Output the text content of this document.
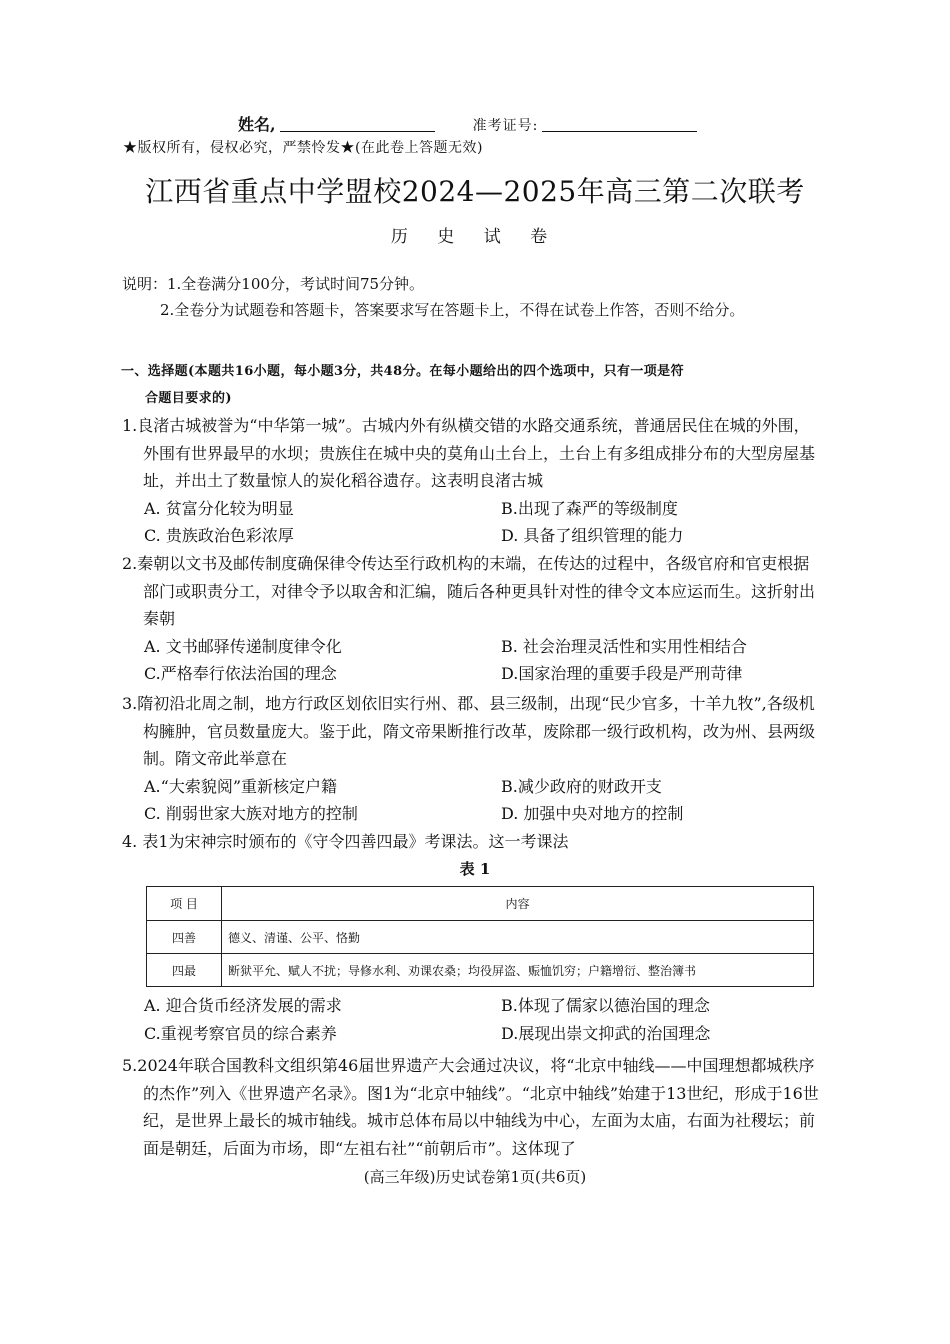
姓名,	准考证号:
★版权所有，侵权必究，严禁怜发★(在此卷上答题无效)
江西省重点中学盟校2024—2025年高三第二次联考
历 史 试 卷
说明：1.全卷满分100分，考试时间75分钟。
2.全卷分为试题卷和答题卡，答案要求写在答题卡上，不得在试卷上作答，否则不给分。
一、选择题(本题共16小题，每小题3分，共48分。在每小题给出的四个选项中，只有一项是符
合题目要求的)
1.良渚古城被誉为“中华第一城”。古城内外有纵横交错的水路交通系统，普通居民住在城的外围，外围有世界最早的水坝；贵族住在城中央的莫角山土台上，土台上有多组成排分布的大型房屋基址，并出土了数量惊人的炭化稻谷遗存。这表明良渚古城
A. 贫富分化较为明显	B.出现了森严的等级制度
C. 贵族政治色彩浓厚	D. 具备了组织管理的能力
2.秦朝以文书及邮传制度确保律令传达至行政机构的末端，在传达的过程中，各级官府和官吏根据部门或职责分工，对律令予以取舍和汇编，随后各种更具针对性的律令文本应运而生。这折射出秦朝
A. 文书邮驿传递制度律令化	B. 社会治理灵活性和实用性相结合
C.严格奉行依法治国的理念	D.国家治理的重要手段是严刑苛律
3.隋初沿北周之制，地方行政区划依旧实行州、郡、县三级制，出现“民少官多，十羊九牧”,各级机构臃肿，官员数量庞大。鉴于此，隋文帝果断推行改革，废除郡一级行政机构，改为州、县两级制。隋文帝此举意在
A.“大索貌阅”重新核定户籍	B.减少政府的财政开支
C. 削弱世家大族对地方的控制	D. 加强中央对地方的控制
4. 表1为宋神宗时颁布的《守令四善四最》考课法。这一考课法
表 1
项 目	内容
四善	德义、清谨、公平、恪勤
四最	断狱平允、赋人不扰；导修水利、劝课农桑；均役屏盗、赈恤饥穷；户籍增衍、整治簿书
A. 迎合货币经济发展的需求	B.体现了儒家以德治国的理念
C.重视考察官员的综合素养	D.展现出崇文抑武的治国理念
5.2024年联合国教科文组织第46届世界遗产大会通过决议，将“北京中轴线——中国理想都城秩序的杰作”列入《世界遗产名录》。图1为“北京中轴线”。“北京中轴线”始建于13世纪，形成于16世纪，是世界上最长的城市轴线。城市总体布局以中轴线为中心，左面为太庙，右面为社稷坛；前面是朝廷，后面为市场，即“左祖右社”“前朝后市”。这体现了
(高三年级)历史试卷第1页(共6页)
